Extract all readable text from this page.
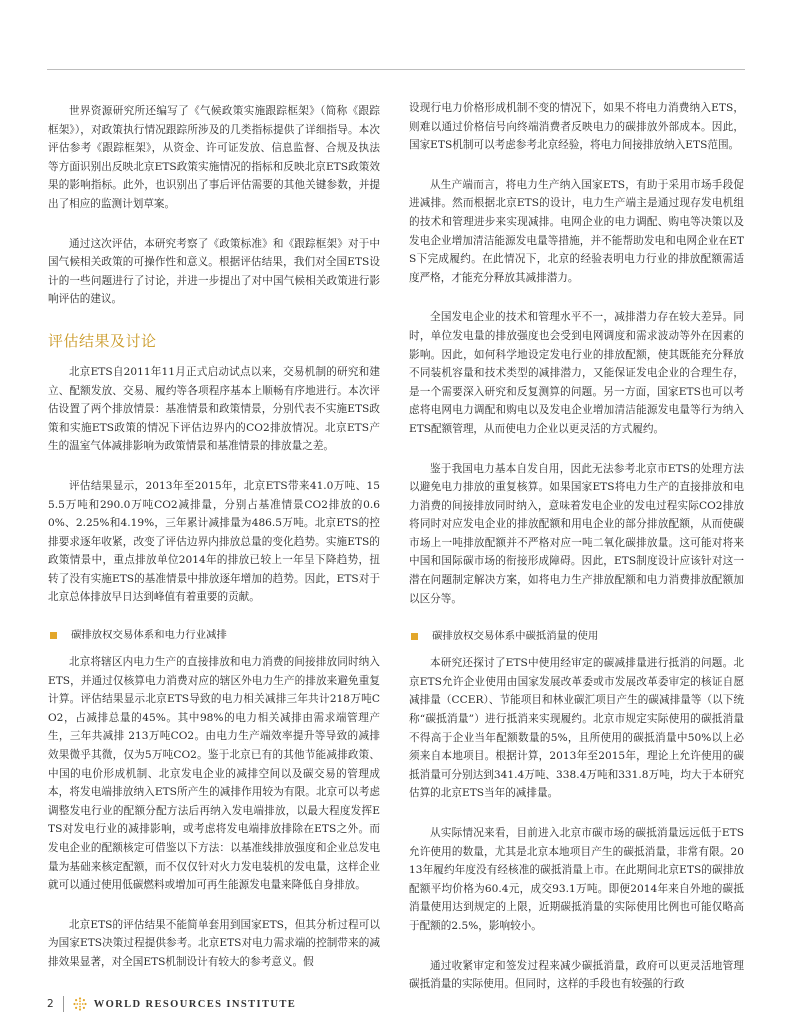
世界资源研究所还编写了《气候政策实施跟踪框架》（简称《跟踪框架》），对政策执行情况跟踪所涉及的几类指标提供了详细指导。本次评估参考《跟踪框架》，从资金、许可证发放、信息监督、合规及执法等方面识别出反映北京ETS政策实施情况的指标和反映北京ETS政策效果的影响指标。此外，也识别出了事后评估需要的其他关键参数，并提出了相应的监测计划草案。

通过这次评估，本研究考察了《政策标准》和《跟踪框架》对于中国气候相关政策的可操作性和意义。根据评估结果，我们对全国ETS设计的一些问题进行了讨论，并进一步提出了对中国气候相关政策进行影响评估的建议。

评估结果及讨论

北京ETS自2011年11月正式启动试点以来，交易机制的研究和建立、配额发放、交易、履约等各项程序基本上顺畅有序地进行。本次评估设置了两个排放情景：基准情景和政策情景，分别代表不实施ETS政策和实施ETS政策的情况下评估边界内的CO2排放情况。北京ETS产生的温室气体减排影响为政策情景和基准情景的排放量之差。

评估结果显示，2013年至2015年，北京ETS带来41.0万吨、155.5万吨和290.0万吨CO2减排量，分别占基准情景CO2排放的0.60%、2.25%和4.19%，三年累计减排量为486.5万吨。北京ETS的控排要求逐年收紧，改变了评估边界内排放总量的变化趋势。实施ETS的政策情景中，重点排放单位2014年的排放已较上一年呈下降趋势，扭转了没有实施ETS的基准情景中排放逐年增加的趋势。因此，ETS对于北京总体排放早日达到峰值有着重要的贡献。

碳排放权交易体系和电力行业减排

北京将辖区内电力生产的直接排放和电力消费的间接排放同时纳入ETS，并通过仅核算电力消费对应的辖区外电力生产的排放来避免重复计算。评估结果显示北京ETS导致的电力相关减排三年共计218万吨CO2，占减排总量的45%。其中98%的电力相关减排由需求端管理产生，三年共减排 213万吨CO2。由电力生产端效率提升等导致的减排效果微乎其微，仅为5万吨CO2。鉴于北京已有的其他节能减排政策、中国的电价形成机制、北京发电企业的减排空间以及碳交易的管理成本，将发电端排放纳入ETS所产生的减排作用较为有限。北京可以考虑调整发电行业的配额分配方法后再纳入发电端排放，以最大程度发挥ETS对发电行业的减排影响，或考虑将发电端排放排除在ETS之外。而发电企业的配额核定可借鉴以下方法：以基准线排放强度和企业总发电量为基础来核定配额，而不仅仅针对火力发电装机的发电量，这样企业就可以通过使用低碳燃料或增加可再生能源发电量来降低自身排放。

北京ETS的评估结果不能简单套用到国家ETS，但其分析过程可以为国家ETS决策过程提供参考。北京ETS对电力需求端的控制带来的减排效果显著，对全国ETS机制设计有较大的参考意义。假

设现行电力价格形成机制不变的情况下，如果不将电力消费纳入ETS，则难以通过价格信号向终端消费者反映电力的碳排放外部成本。因此，国家ETS机制可以考虑参考北京经验，将电力间接排放纳入ETS范围。

从生产端而言，将电力生产纳入国家ETS，有助于采用市场手段促进减排。然而根据北京ETS的设计，电力生产端主是通过现存发电机组的技术和管理进步来实现减排。电网企业的电力调配、购电等决策以及发电企业增加清洁能源发电量等措施，并不能帮助发电和电网企业在ETS下完成履约。在此情况下，北京的经验表明电力行业的排放配额需适度严格，才能充分释放其减排潜力。

全国发电企业的技术和管理水平不一，减排潜力存在较大差异。同时，单位发电量的排放强度也会受到电网调度和需求波动等外在因素的影响。因此，如何科学地设定发电行业的排放配额，使其既能充分释放不同装机容量和技术类型的减排潜力，又能保证发电企业的合理生存，是一个需要深入研究和反复测算的问题。另一方面，国家ETS也可以考虑将电网电力调配和购电以及发电企业增加清洁能源发电量等行为纳入ETS配额管理，从而使电力企业以更灵活的方式履约。

鉴于我国电力基本自发自用，因此无法参考北京市ETS的处理方法以避免电力排放的重复核算。如果国家ETS将电力生产的直接排放和电力消费的间接排放同时纳入，意味着发电企业的发电过程实际CO2排放将同时对应发电企业的排放配额和用电企业的部分排放配额，从而使碳市场上一吨排放配额并不严格对应一吨二氧化碳排放量。这可能对将来中国和国际碳市场的衔接形成障碍。因此，ETS制度设计应该针对这一潜在问题制定解决方案，如将电力生产排放配额和电力消费排放配额加以区分等。

碳排放权交易体系中碳抵消量的使用

本研究还探讨了ETS中使用经审定的碳减排量进行抵消的问题。北京ETS允许企业使用由国家发展改革委或市发展改革委审定的核证自愿减排量（CCER）、节能项目和林业碳汇项目产生的碳减排量等（以下统称“碳抵消量”）进行抵消来实现履约。北京市规定实际使用的碳抵消量不得高于企业当年配额数量的5%，且所使用的碳抵消量中50%以上必须来自本地项目。根据计算，2013年至2015年，理论上允许使用的碳抵消量可分别达到341.4万吨、338.4万吨和331.8万吨，均大于本研究估算的北京ETS当年的减排量。

从实际情况来看，目前进入北京市碳市场的碳抵消量远远低于ETS允许使用的数量，尤其是北京本地项目产生的碳抵消量，非常有限。2013年履约年度没有经核准的碳抵消量上市。在此期间北京ETS的碳排放配额平均价格为60.4元，成交93.1万吨。即便2014年来自外地的碳抵消量使用达到规定的上限，近期碳抵消量的实际使用比例也可能仅略高于配额的2.5%，影响较小。

通过收紧审定和签发过程来减少碳抵消量，政府可以更灵活地管理碳抵消量的实际使用。但同时，这样的手段也有较强的行政

2	WORLD RESOURCES INSTITUTE
